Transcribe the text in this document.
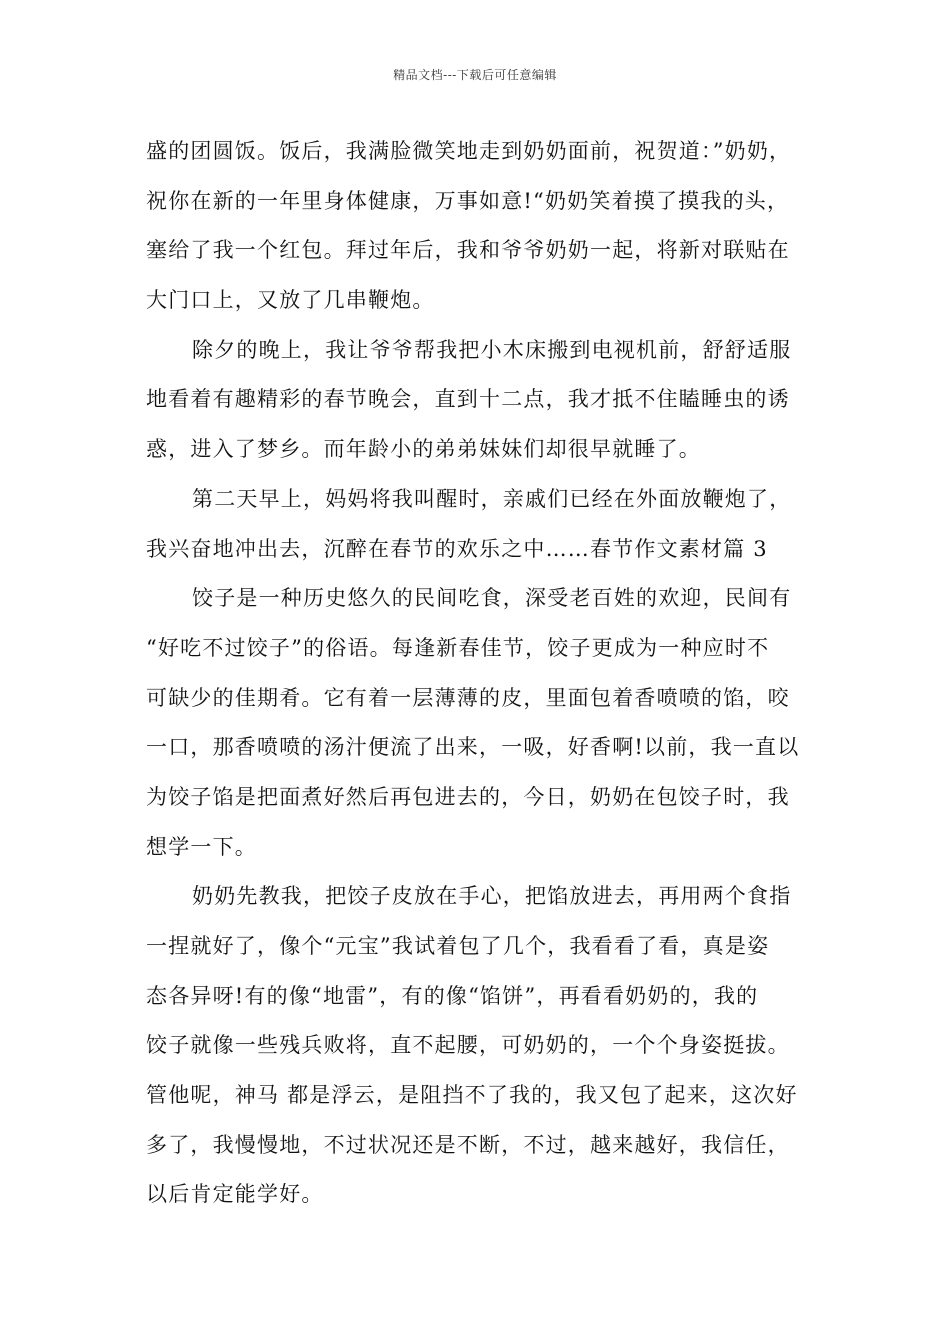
精品文档---下载后可任意编辑
盛的团圆饭。饭后，我满脸微笑地走到奶奶面前，祝贺道：”奶奶，
祝你在新的一年里身体健康，万事如意!“奶奶笑着摸了摸我的头，
塞给了我一个红包。拜过年后，我和爷爷奶奶一起，将新对联贴在
大门口上，又放了几串鞭炮。
除夕的晚上，我让爷爷帮我把小木床搬到电视机前，舒舒适服
地看着有趣精彩的春节晚会，直到十二点，我才抵不住瞌睡虫的诱
惑，进入了梦乡。而年龄小的弟弟妹妹们却很早就睡了。
第二天早上，妈妈将我叫醒时，亲戚们已经在外面放鞭炮了，
我兴奋地冲出去，沉醉在春节的欢乐之中……春节作文素材篇 3
饺子是一种历史悠久的民间吃食，深受老百姓的欢迎，民间有
“好吃不过饺子”的俗语。每逢新春佳节，饺子更成为一种应时不
可缺少的佳期肴。它有着一层薄薄的皮，里面包着香喷喷的馅，咬
一口，那香喷喷的汤汁便流了出来，一吸，好香啊!以前，我一直以
为饺子馅是把面煮好然后再包进去的，今日，奶奶在包饺子时，我
想学一下。
奶奶先教我，把饺子皮放在手心，把馅放进去，再用两个食指
一捏就好了，像个“元宝”我试着包了几个，我看看了看，真是姿
态各异呀!有的像“地雷”，有的像“馅饼”，再看看奶奶的，我的
饺子就像一些残兵败将，直不起腰，可奶奶的，一个个身姿挺拔。
管他呢，神马 都是浮云，是阻挡不了我的，我又包了起来，这次好
多了，我慢慢地，不过状况还是不断，不过，越来越好，我信任，
以后肯定能学好。
